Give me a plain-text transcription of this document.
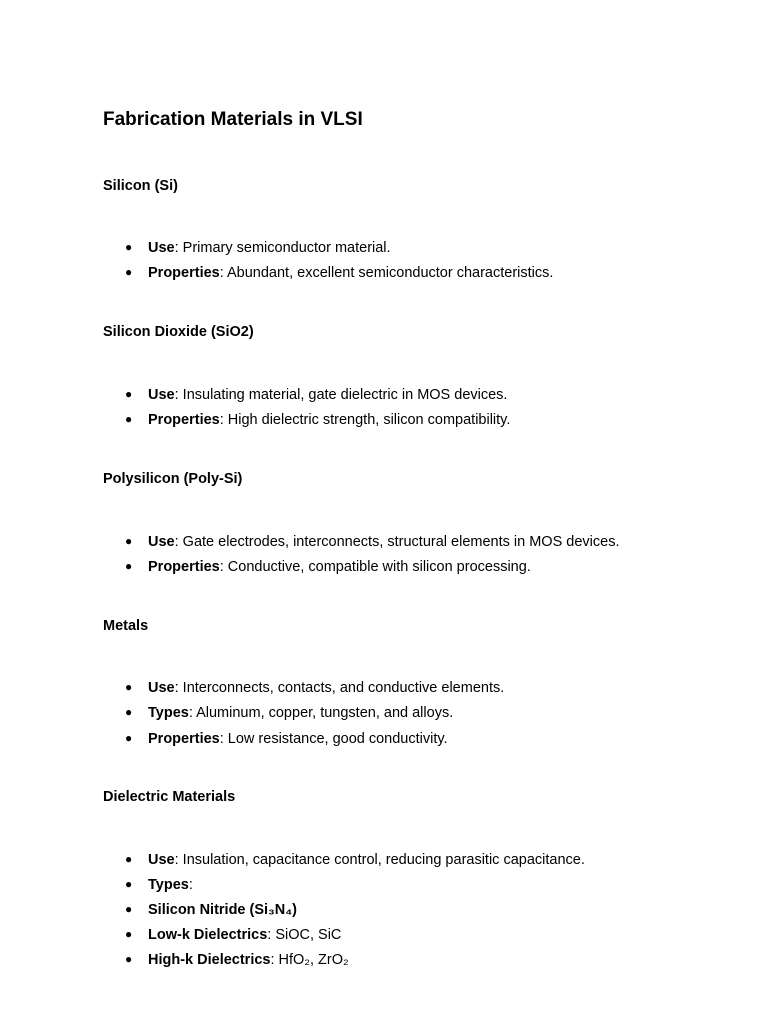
Fabrication Materials in VLSI
Silicon (Si)
● Use: Primary semiconductor material.
● Properties: Abundant, excellent semiconductor characteristics.
Silicon Dioxide (SiO2)
● Use: Insulating material, gate dielectric in MOS devices.
● Properties: High dielectric strength, silicon compatibility.
Polysilicon (Poly-Si)
● Use: Gate electrodes, interconnects, structural elements in MOS devices.
● Properties: Conductive, compatible with silicon processing.
Metals
● Use: Interconnects, contacts, and conductive elements.
● Types: Aluminum, copper, tungsten, and alloys.
● Properties: Low resistance, good conductivity.
Dielectric Materials
● Use: Insulation, capacitance control, reducing parasitic capacitance.
● Types:
● Silicon Nitride (Si₃N₄)
● Low-k Dielectrics: SiOC, SiC
● High-k Dielectrics: HfO₂, ZrO₂
